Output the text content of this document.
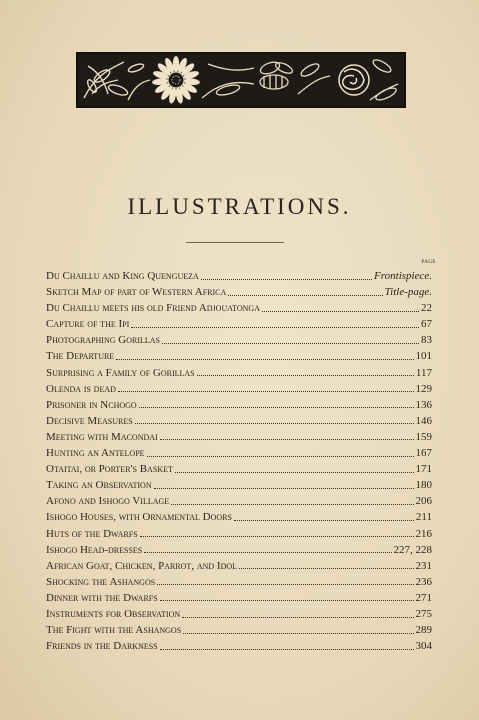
ILLUSTRATIONS.
PAGE
Du Chaillu and King Quengueza	Frontispiece.
Sketch Map of part of Western Africa	Title-page.
Du Chaillu meets his old Friend Adjouatonga	22
Capture of the Ipi	67
Photographing Gorillas	83
The Departure	101
Surprising a Family of Gorillas	117
Olenda is dead	129
Prisoner in Nchogo	136
Decisive Measures	146
Meeting with Macondai	159
Hunting an Antelope	167
Otaitai, or Porter's Basket	171
Taking an Observation	180
Afono and Ishogo Village	206
Ishogo Houses, with Ornamental Doors	211
Huts of the Dwarfs	216
Ishogo Head-dresses	227, 228
African Goat, Chicken, Parrot, and Idol	231
Shocking the Ashangos	236
Dinner with the Dwarfs	271
Instruments for Observation	275
The Fight with the Ashangos	289
Friends in the Darkness	304
